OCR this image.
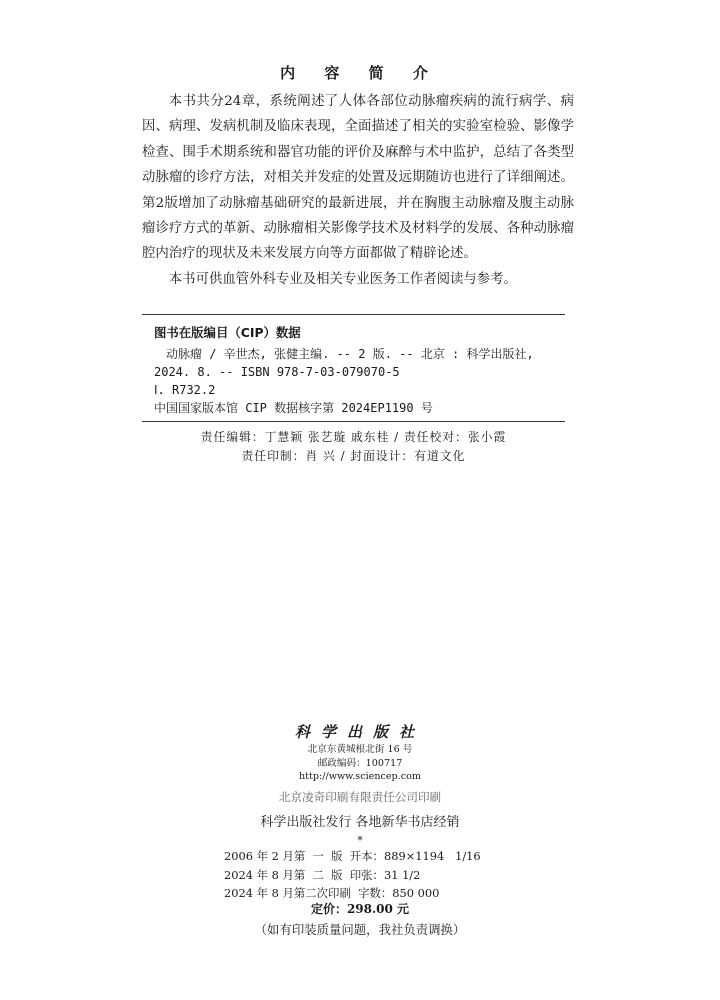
内 容 简 介

本书共分24章，系统阐述了人体各部位动脉瘤疾病的流行病学、病因、病理、发病机制及临床表现，全面描述了相关的实验室检验、影像学检查、围手术期系统和器官功能的评价及麻醉与术中监护，总结了各类型动脉瘤的诊疗方法，对相关并发症的处置及远期随访也进行了详细阐述。第2版增加了动脉瘤基础研究的最新进展，并在胸腹主动脉瘤及腹主动脉瘤诊疗方式的革新、动脉瘤相关影像学技术及材料学的发展、各种动脉瘤腔内治疗的现状及未来发展方向等方面都做了精辟论述。

本书可供血管外科专业及相关专业医务工作者阅读与参考。

图书在版编目（CIP）数据
动脉瘤 / 辛世杰, 张健主编. -- 2 版. -- 北京 : 科学出版社,
2024. 8. -- ISBN 978-7-03-079070-5
Ⅰ. R732.2
中国国家版本馆 CIP 数据核字第 2024EP1190 号
责任编辑：丁慧颖 张艺璇 戚东桂 / 责任校对：张小霞
责任印制：肖 兴 / 封面设计：有道文化
科学出版社
北京东黄城根北街 16 号
邮政编码：100717
http://www.sciencep.com
北京凌奇印刷有限责任公司印刷
科学出版社发行 各地新华书店经销
*
2006 年 2 月第  一  版  开本：889×1194   1/16
2024 年 8 月第  二  版  印张：31 1/2
2024 年 8 月第二次印刷  字数：850 000
定价：298.00 元
（如有印装质量问题，我社负责调换）
